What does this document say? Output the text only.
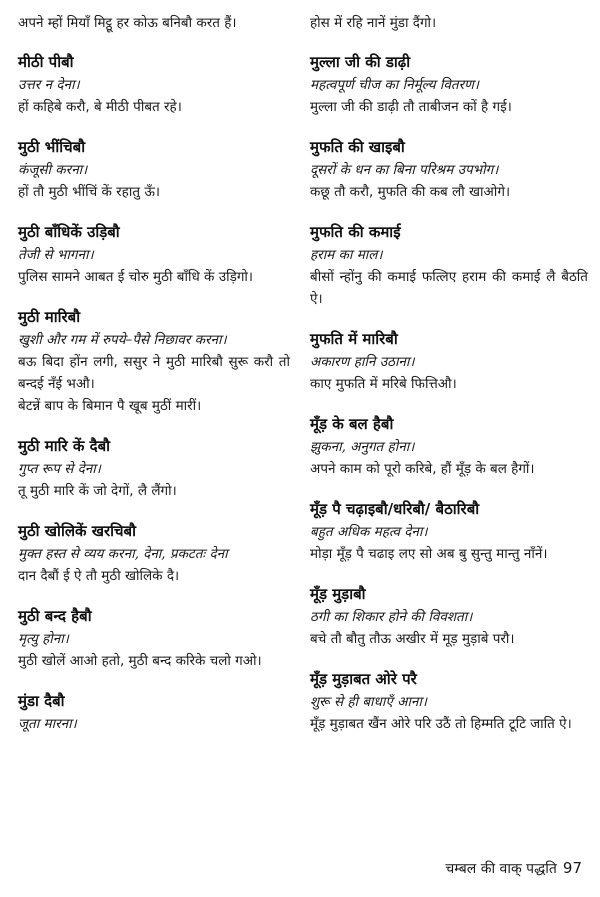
अपने म्हों मियाँ मिट्ठू हर कोऊ बनिबौ करत हैं।
मीठी पीबौ
उत्तर न देना।
हों कहिबे करौ, बे मीठी पीबत रहे।
मुठी भींचिबौ
कंजूसी करना।
हों तौ मुठी भींचिं कें रहातु ऊँ।
मुठी बाँधिकें उड़िबौ
तेजी से भागना।
पुलिस सामने आबत ई चोरु मुठी बाँधि कें उड़िगो।
मुठी मारिबौ
खुशी और गम में रुपये–पैसे निछावर करना।
बऊ बिदा होंन लगी, ससुर ने मुठी मारिबौ सुरू करौ तो बन्दई नँई भऔ।
बेटन्नें बाप के बिमान पै खूब मुठीं मारीं।
मुठी मारि कें दैबौ
गुप्त रूप से देना।
तू मुठी मारि कें जो देगों, लै लैंगो।
मुठी खोलिकें खरचिबौ
मुक्त हस्त से व्यय करना, देना, प्रकटतः देना
दान दैबौं ई ऐ तौ मुठी खोलिके दै।
मुठी बन्द हैबौ
मृत्यु होना।
मुठी खोलें आओ हतो, मुठी बन्द करिके चलो गओ।
मुंडा दैबौ
जूता मारना।
होस में रहि नानें मुंडा दैंगो।
मुल्ला जी की डाढ़ी
महत्वपूर्ण चीज का निर्मूल्य वितरण।
मुल्ला जी की डाढ़ी तौ ताबीजन कों है गई।
मुफति की खाइबौ
दूसरों के धन का बिना परिश्रम उपभोग।
कछू तौ करौ, मुफति की कब लौ खाओगे।
मुफति की कमाई
हराम का माल।
बीसों न्होंनु की कमाई फत्लिए हराम की कमाई लै बैठति ऐ।
मुफति में मारिबौ
अकारण हानि उठाना।
काए मुफति में मरिबे फित्तिऔ।
मूँड़ के बल हैबौ
झुकना, अनुगत होना।
अपने काम को पूरो करिबे, हौं मूँड़ के बल हैगों।
मूँड़ पै चढ़ाइबौ/धरिबौ/ बैठारिबौ
बहुत अधिक महत्व देना।
मोड़ा मूँड़ पै चढाइ लए सो अब बु सुन्तु मान्तु नाँनें।
मूँड़ मुड़ाबौ
ठगी का शिकार होने की विवशता।
बचे तौ बौतु तौऊ अखीर में मूड़ मुड़ाबे परौ।
मूँड़ मुड़ाबत ओरे परै
शुरू से ही बाधाएँ आना।
मूँड़ मुड़ाबत खैंन ओरे परि उठैं तो हिम्मति टूटि जाति ऐ।
चम्बल की वाक् पद्धति 97
